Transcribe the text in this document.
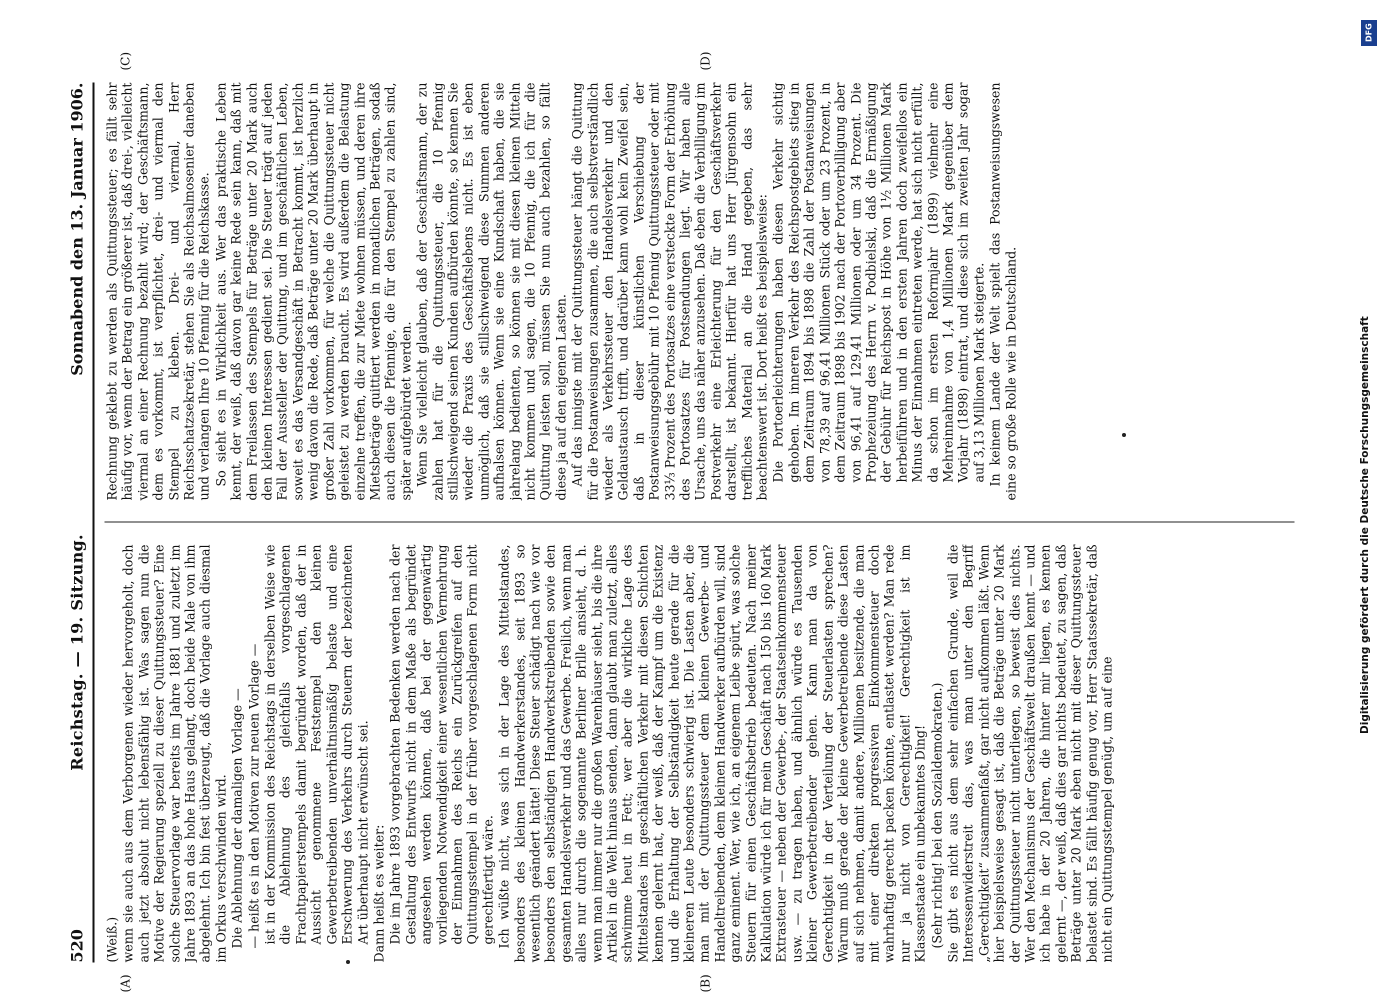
520
Reichstag. — 19. Sitzung.
Sonnabend den 13. Januar 1906.

(Weiß.) wenn sie auch aus dem Verborgenen wieder hervorgeholt, doch auch jetzt absolut nicht lebensfähig ist. Was sagen nun die Motive der Regierung speziell zu dieser Quittungssteuer? Eine solche Steuervorlage war bereits im Jahre 1881 und zuletzt im Jahre 1893 an das hohe Haus gelangt, doch beide Male von ihm abgelehnt. Ich bin fest überzeugt, daß die Vorlage auch diesmal im Orkus verschwinden wird. Die Ablehnung der damaligen Vorlage — — heißt es in den Motiven zur neuen Vorlage — ist in der Kommission des Reichstags in derselben Weise wie die Ablehnung des gleichfalls vorgeschlagenen Frachtpapierstempels damit begründet worden, daß der in Aussicht genommene Feststempel den kleinen Gewerbetreibenden unverhältnismäßig belaste und eine Erschwerung des Verkehrs durch Steuern der bezeichneten Art überhaupt nicht erwünscht sei. Dann heißt es weiter: Die im Jahre 1893 vorgebrachten Bedenken werden nach der Gestaltung des Entwurfs nicht in dem Maße als begründet angesehen werden können, daß bei der gegenwärtig vorliegenden Notwendigkeit einer wesentlichen Vermehrung der Einnahmen des Reichs ein Zurückgreifen auf den Quittungsstempel in der früher vorgeschlagenen Form nicht gerechtfertigt wäre. Ich wüßte nicht, was sich in der Lage des Mittelstandes, besonders des kleinen Handwerkerstandes, seit 1893 so wesentlich geändert hätte! Diese Steuer schädigt nach wie vor besonders den selbständigen Handwerkstreibenden sowie den gesamten Handelsverkehr und das Gewerbe. Freilich, wenn man alles nur durch die sogenannte Berliner Brille ansieht, d. h. wenn man immer nur die großen Warenhäuser sieht, bis die ihre Artikel in die Welt hinaus senden, dann glaubt man zuletzt, alles schwimme heut in Fett; wer aber die wirkliche Lage des Mittelstandes im geschäftlichen Verkehr mit diesen Schichten kennen gelernt hat, der weiß, daß der Kampf um die Existenz und die Erhaltung der Selbständigkeit heute gerade für die kleineren Leute besonders schwierig ist. Die Lasten aber, die man mit der Quittungssteuer dem kleinen Gewerbe- und Handeltreibenden, dem kleinen Handwerker aufbürden will, sind ganz eminent. Wer, wie ich, an eigenem Leibe spürt, was solche Steuern für einen Geschäftsbetrieb bedeuten. Nach meiner Kalkulation würde ich für mein Geschäft nach 150 bis 160 Mark Extrasteuer — neben der Gewerbe-, der Staatseinkommensteuer usw. — zu tragen haben, und ähnlich würde es Tausenden kleiner Gewerbetreibender gehen. Kann man da von Gerechtigkeit in der Verteilung der Steuerlasten sprechen? Warum muß gerade der kleine Gewerbetreibende diese Lasten auf sich nehmen, damit andere, Millionen besitzende, die man mit einer direkten progressiven Einkommensteuer doch wahrhaftig gerecht packen könnte, entlastet werden? Man rede nur ja nicht von Gerechtigkeit! Gerechtigkeit ist im Klassenstaate ein unbekanntes Ding! (Sehr richtig! bei den Sozialdemokraten.) Sie gibt es nicht aus dem sehr einfachen Grunde, weil die Interessenwiderstreit das, was man unter den Begriff „Gerechtigkeit“ zusammenfaßt, gar nicht aufkommen läßt. Wenn hier beispielsweise gesagt ist, daß die Beträge unter 20 Mark der Quittungssteuer nicht unterliegen, so beweist dies nichts. Wer den Mechanismus der Geschäftswelt draußen kennt — und ich habe in der 20 Jahren, die hinter mir liegen, es kennen gelernt —, der weiß, daß dies gar nichts bedeutet, zu sagen, daß Beträge unter 20 Mark eben nicht mit dieser Quittungssteuer belastet sind. Es fällt häufig genug vor, Herr Staatssekretär, daß nicht ein Quittungsstempel genügt, um auf eine

Rechnung geklebt zu werden als Quittungssteuer; es fällt sehr häufig vor, wenn der Betrag ein größerer ist, daß drei-, vielleicht viermal an einer Rechnung bezahlt wird; der Geschäftsmann, dem es vorkommt, ist verpflichtet, drei- und viermal den Stempel zu kleben. Drei- und viermal, Herr Reichsschatzsekretär, stehen Sie als Reichsalmosenier daneben und verlangen Ihre 10 Pfennig für die Reichskasse. So sieht es in Wirklichkeit aus. Wer das praktische Leben kennt, der weiß, daß davon gar keine Rede sein kann, daß mit dem Freilassen des Stempels für Beträge unter 20 Mark auch den kleinen Interessen gedient sei. Die Steuer trägt auf jeden Fall der Aussteller der Quittung, und im geschäftlichen Leben, soweit es das Versandgeschäft in Betracht kommt, ist herzlich wenig davon die Rede, daß Beträge unter 20 Mark überhaupt in großer Zahl vorkommen, für welche die Quittungssteuer nicht geleistet zu werden braucht. Es wird außerdem die Belastung einzelne treffen, die zur Miete wohnen müssen, und deren ihre Mietsbeträge quittiert werden in monatlichen Beträgen, sodaß auch diesen die Pfennige, die für den Stempel zu zahlen sind, später aufgebürdet werden. Wenn Sie vielleicht glauben, daß der Geschäftsmann, der zu zahlen hat für die Quittungssteuer, die 10 Pfennig stillschweigend seinen Kunden aufbürden könnte, so kennen Sie wieder die Praxis des Geschäftslebens nicht. Es ist eben unmöglich, daß sie stillschweigend diese Summen anderen aufhalsen können. Wenn sie eine Kundschaft haben, die sie jahrelang bedienten, so können sie mit diesen kleinen Mitteln nicht kommen und sagen, die 10 Pfennig, die ich für die Quittung leisten soll, müssen Sie nun auch bezahlen, so fällt diese ja auf den eigenen Lasten. Auf das innigste mit der Quittungssteuer hängt die Quittung für die Postanweisungen zusammen, die auch selbstverständlich wieder als Verkehrssteuer den Handelsverkehr und den Geldaustausch trifft, und darüber kann wohl kein Zweifel sein, daß in dieser künstlichen Verschiebung der Postanweisungsgebühr mit 10 Pfennig Quittungssteuer oder mit 33⅓ Prozent des Portosatzes eine versteckte Form der Erhöhung des Portosatzes für Postsendungen liegt. Wir haben alle Ursache, uns das näher anzusehen. Daß eben die Verbilligung im Postverkehr eine Erleichterung für den Geschäftsverkehr darstellt, ist bekannt. Hierfür hat uns Herr Jürgensohn ein treffliches Material an die Hand gegeben, das sehr beachtenswert ist. Dort heißt es beispielsweise: Die Portoerleichterungen haben diesen Verkehr sichtig gehoben. Im inneren Verkehr des Reichspostgebiets stieg in dem Zeitraum 1894 bis 1898 die Zahl der Postanweisungen von 78,39 auf 96,41 Millionen Stück oder um 23 Prozent, in dem Zeitraum 1898 bis 1902 nach der Portoverbilligung aber von 96,41 auf 129,41 Millionen oder um 34 Prozent. Die Prophezeiung des Herrn v. Podbielski, daß die Ermäßigung der Gebühr für Reichspost in Höhe von 1½ Millionen Mark herbeiführen und in den ersten Jahren doch zweifellos ein Minus der Einnahmen eintreten werde, hat sich nicht erfüllt, da schon im ersten Reformjahr (1899) vielmehr eine Mehreinnahme von 1,4 Millionen Mark gegenüber dem Vorjahr (1898) eintrat, und diese sich im zweiten Jahr sogar auf 3,13 Millionen Mark steigerte. In keinem Lande der Welt spielt das Postanweisungswesen eine so große Rolle wie in Deutschland.

(A)	(B)
(C)	(D)
DFG
Digitalisierung gefördert durch die Deutsche Forschungsgemeinschaft
